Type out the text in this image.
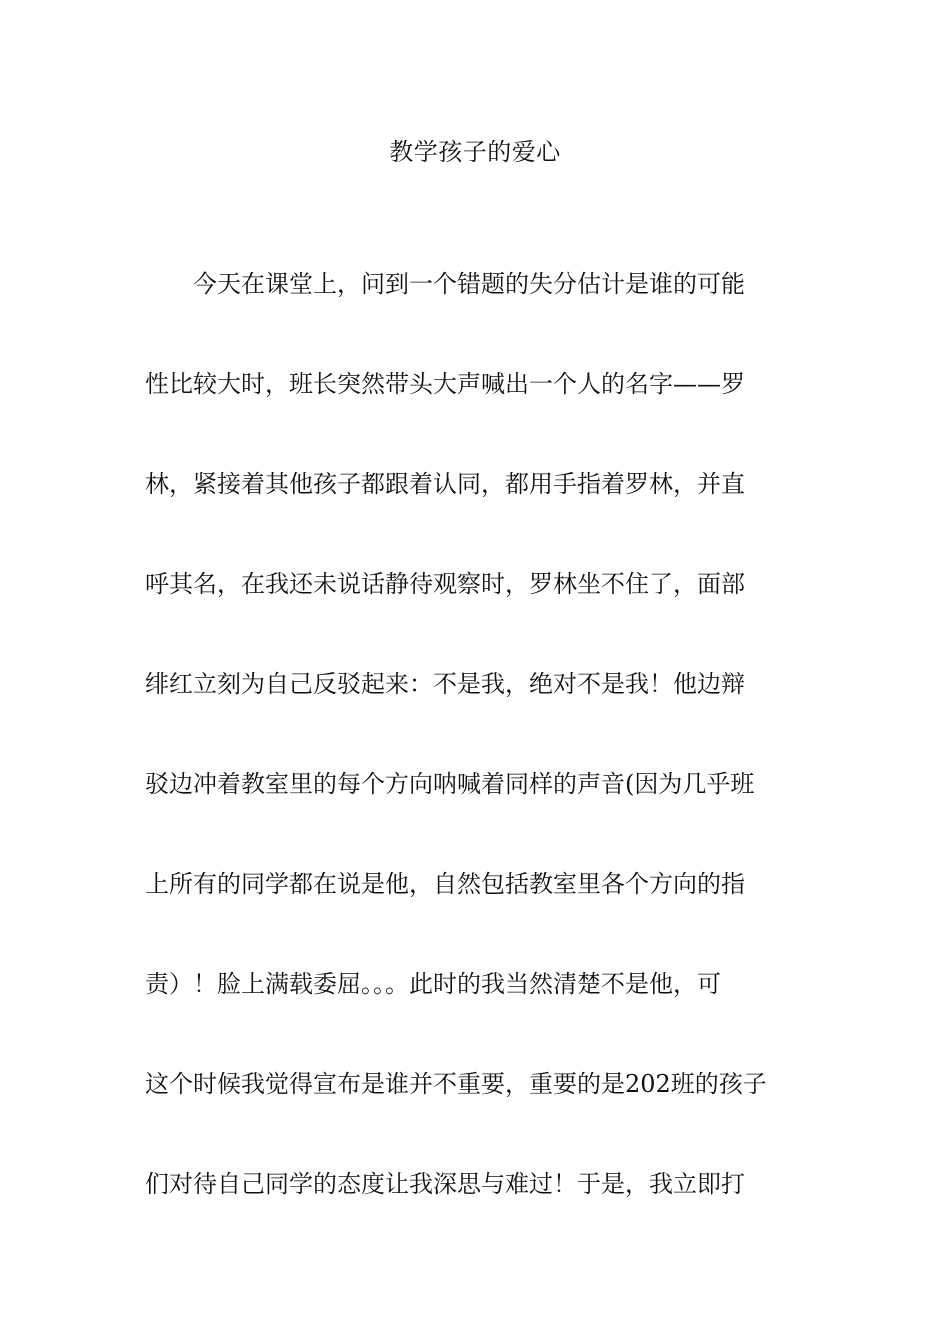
教学孩子的爱心
　　今天在课堂上，问到一个错题的失分估计是谁的可能
性比较大时，班长突然带头大声喊出一个人的名字——罗
林，紧接着其他孩子都跟着认同，都用手指着罗林，并直
呼其名，在我还未说话静待观察时，罗林坐不住了，面部
绯红立刻为自己反驳起来：不是我，绝对不是我！他边辩
驳边冲着教室里的每个方向呐喊着同样的声音(因为几乎班
上所有的同学都在说是他，自然包括教室里各个方向的指
责）！脸上满载委屈。。。此时的我当然清楚不是他，可
这个时候我觉得宣布是谁并不重要，重要的是202班的孩子
们对待自己同学的态度让我深思与难过！于是，我立即打
